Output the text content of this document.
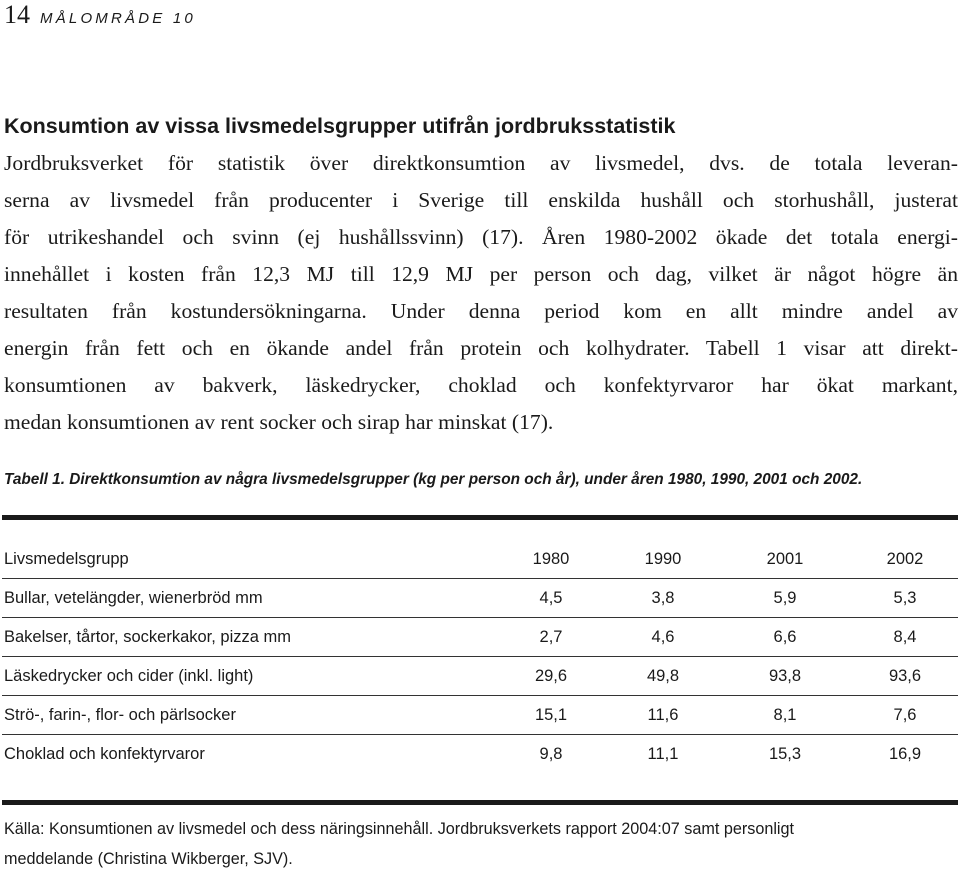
14 MÅLOMRÅDE 10
Konsumtion av vissa livsmedelsgrupper utifrån jordbruksstatistik
Jordbruksverket för statistik över direktkonsumtion av livsmedel, dvs. de totala leveran-
serna av livsmedel från producenter i Sverige till enskilda hushåll och storhushåll, justerat
för utrikeshandel och svinn (ej hushållssvinn) (17). Åren 1980-2002 ökade det totala energi-
innehållet i kosten från 12,3 MJ till 12,9 MJ per person och dag, vilket är något högre än
resultaten från kostundersökningarna. Under denna period kom en allt mindre andel av
energin från fett och en ökande andel från protein och kolhydrater. Tabell 1 visar att direkt-
konsumtionen av bakverk, läskedrycker, choklad och konfektyrvaror har ökat markant,
medan konsumtionen av rent socker och sirap har minskat (17).
Tabell 1. Direktkonsumtion av några livsmedelsgrupper (kg per person och år), under åren 1980, 1990, 2001 och 2002.
Livsmedelsgrupp	1980	1990	2001	2002
Bullar, vetelängder, wienerbröd mm	4,5	3,8	5,9	5,3
Bakelser, tårtor, sockerkakor, pizza mm	2,7	4,6	6,6	8,4
Läskedrycker och cider (inkl. light)	29,6	49,8	93,8	93,6
Strö-, farin-, flor- och pärlsocker	15,1	11,6	8,1	7,6
Choklad och konfektyrvaror	9,8	11,1	15,3	16,9
Källa: Konsumtionen av livsmedel och dess näringsinnehåll. Jordbruksverkets rapport 2004:07 samt personligt
meddelande (Christina Wikberger, SJV).
